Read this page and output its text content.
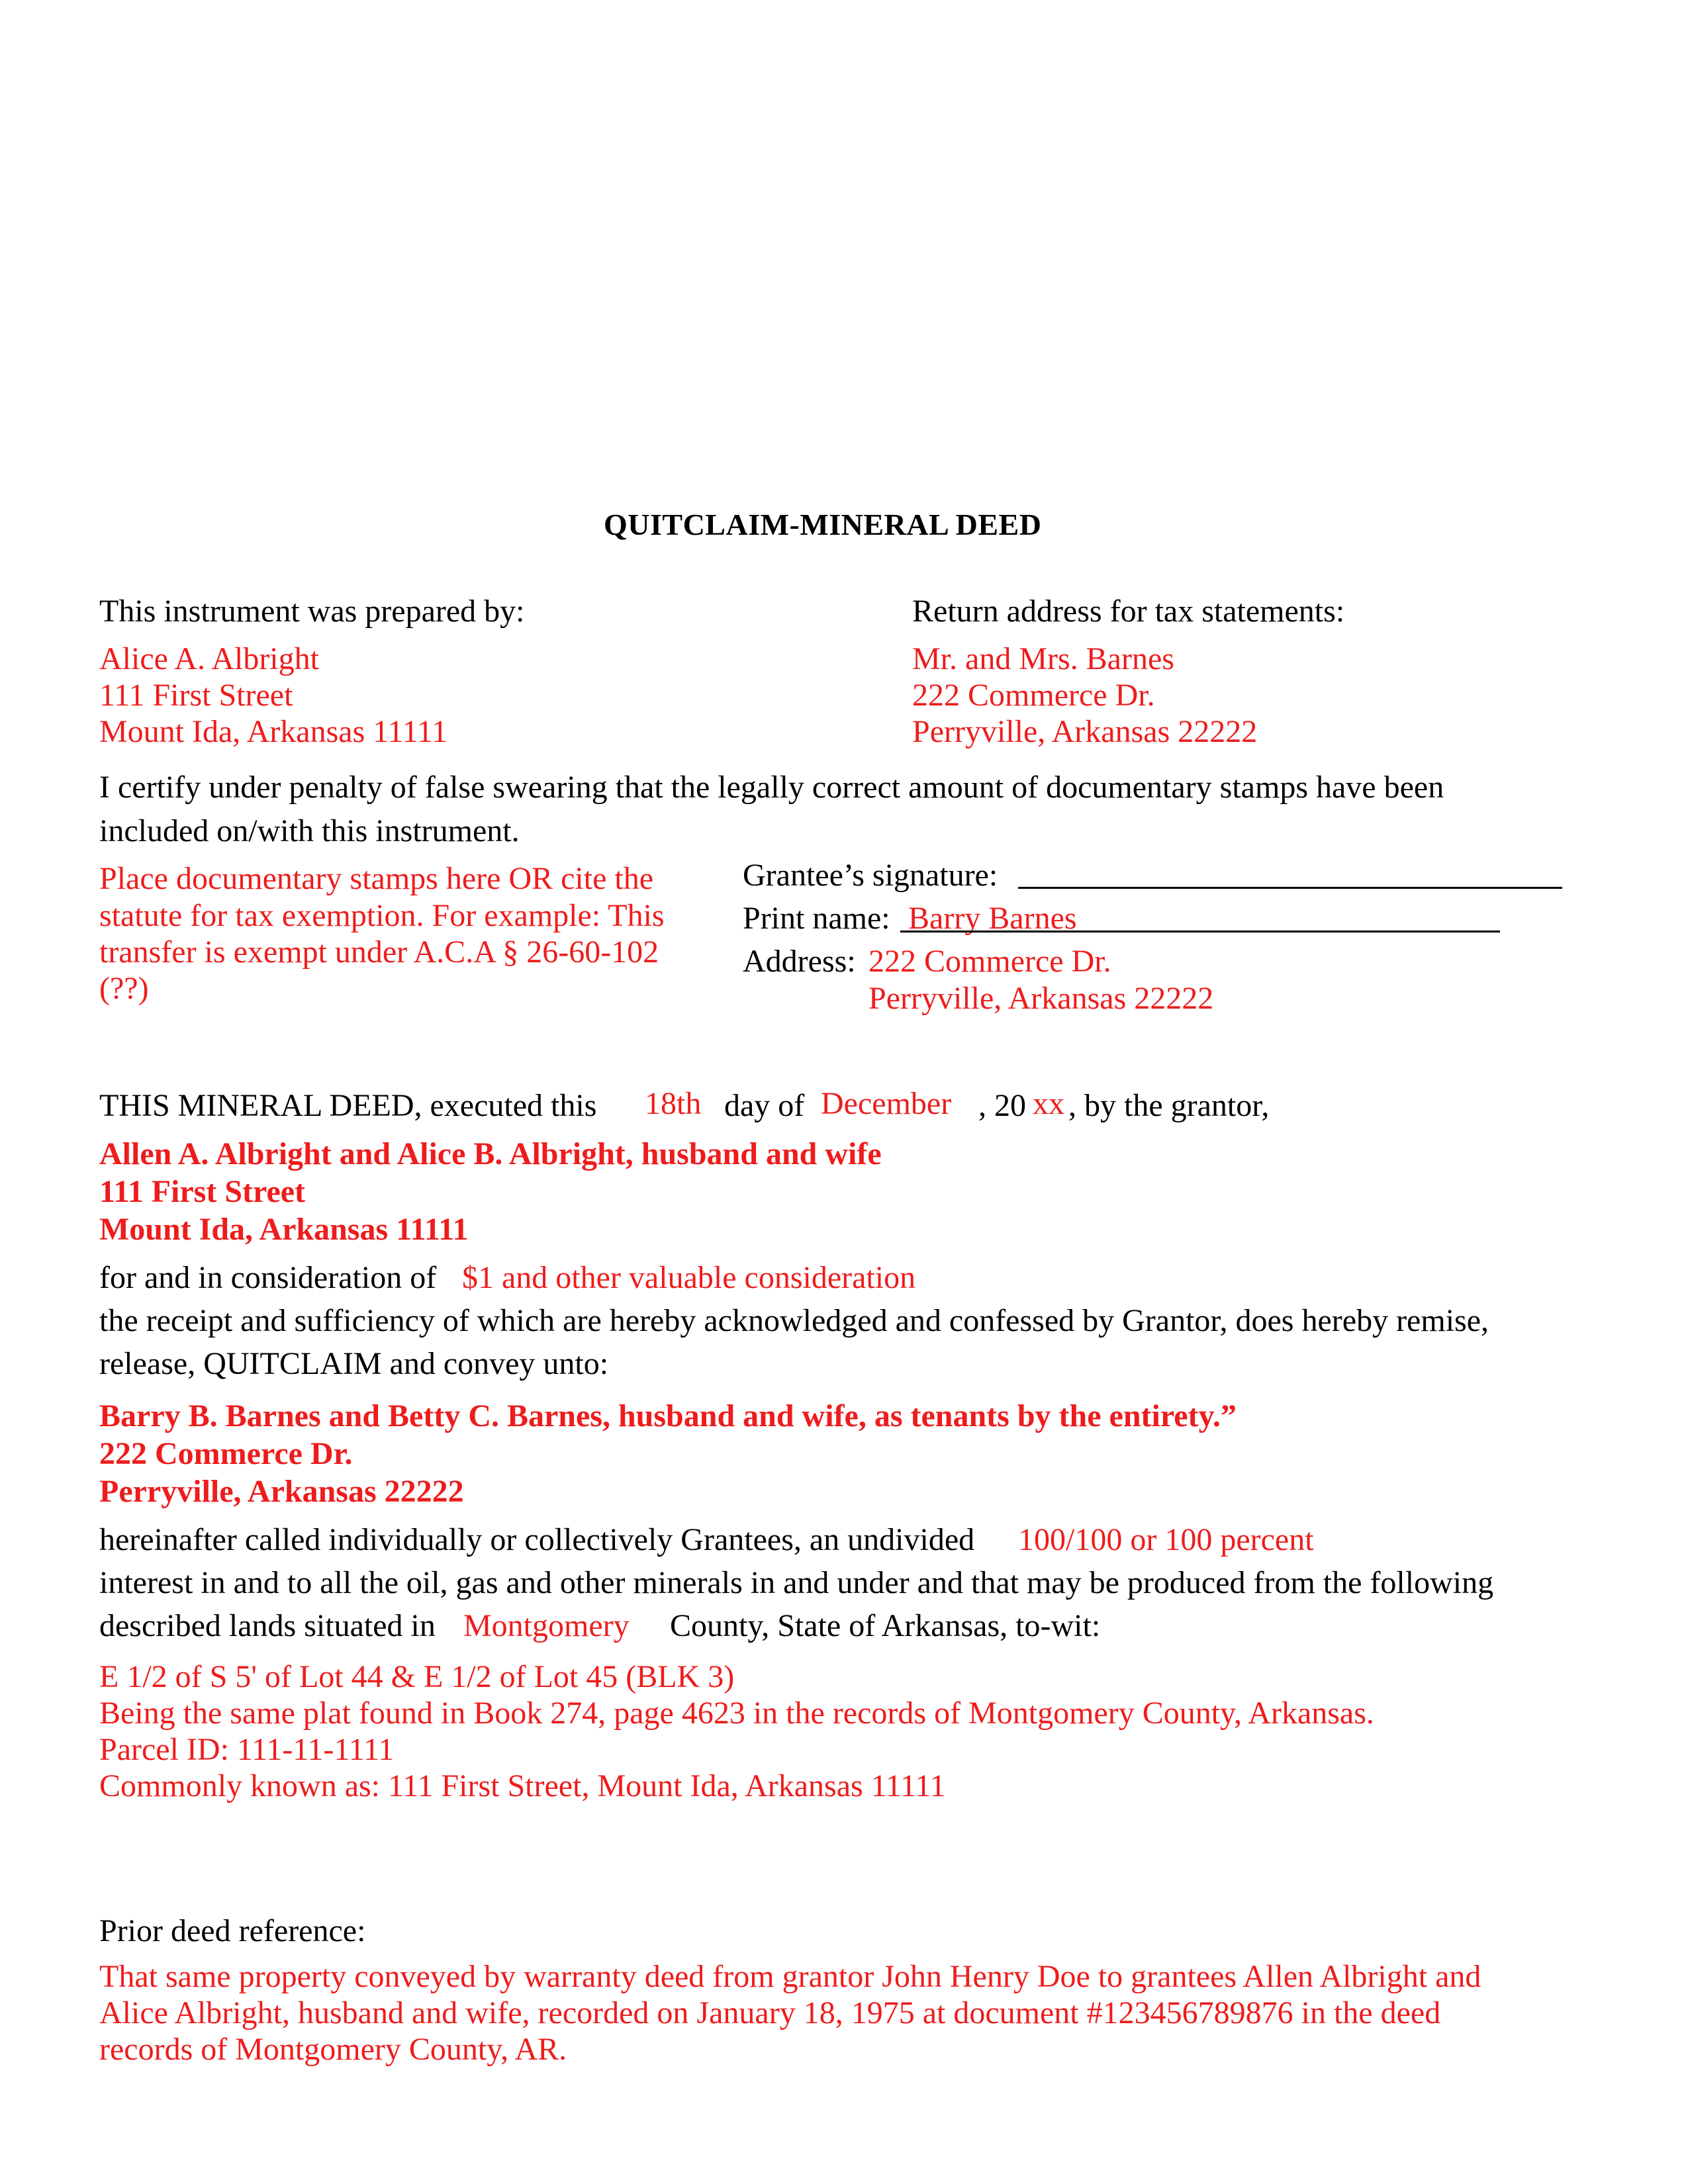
QUITCLAIM-MINERAL DEED
This instrument was prepared by:
Alice A. Albright
111 First Street
Mount Ida, Arkansas 11111
Return address for tax statements:
Mr. and Mrs. Barnes
222 Commerce Dr.
Perryville, Arkansas 22222
I certify under penalty of false swearing that the legally correct amount of documentary stamps have been
included on/with this instrument.
Place documentary stamps here OR cite the
statute for tax exemption. For example: This
transfer is exempt under A.C.A § 26-60-102
(??)
Grantee’s signature:
Print name: Barry Barnes
Address: 222 Commerce Dr.
Perryville, Arkansas 22222
THIS MINERAL DEED, executed this 18th day of December , 20 xx , by the grantor,
Allen A. Albright and Alice B. Albright, husband and wife
111 First Street
Mount Ida, Arkansas 11111
for and in consideration of $1 and other valuable consideration
the receipt and sufficiency of which are hereby acknowledged and confessed by Grantor, does hereby remise,
release, QUITCLAIM and convey unto:
Barry B. Barnes and Betty C. Barnes, husband and wife, as tenants by the entirety.”
222 Commerce Dr.
Perryville, Arkansas 22222
hereinafter called individually or collectively Grantees, an undivided 100/100 or 100 percent
interest in and to all the oil, gas and other minerals in and under and that may be produced from the following
described lands situated in Montgomery County, State of Arkansas, to-wit:
E 1/2 of S 5' of Lot 44 & E 1/2 of Lot 45 (BLK 3)
Being the same plat found in Book 274, page 4623 in the records of Montgomery County, Arkansas.
Parcel ID: 111-11-1111
Commonly known as: 111 First Street, Mount Ida, Arkansas 11111
Prior deed reference:
That same property conveyed by warranty deed from grantor John Henry Doe to grantees Allen Albright and
Alice Albright, husband and wife, recorded on January 18, 1975 at document #123456789876 in the deed
records of Montgomery County, AR.
